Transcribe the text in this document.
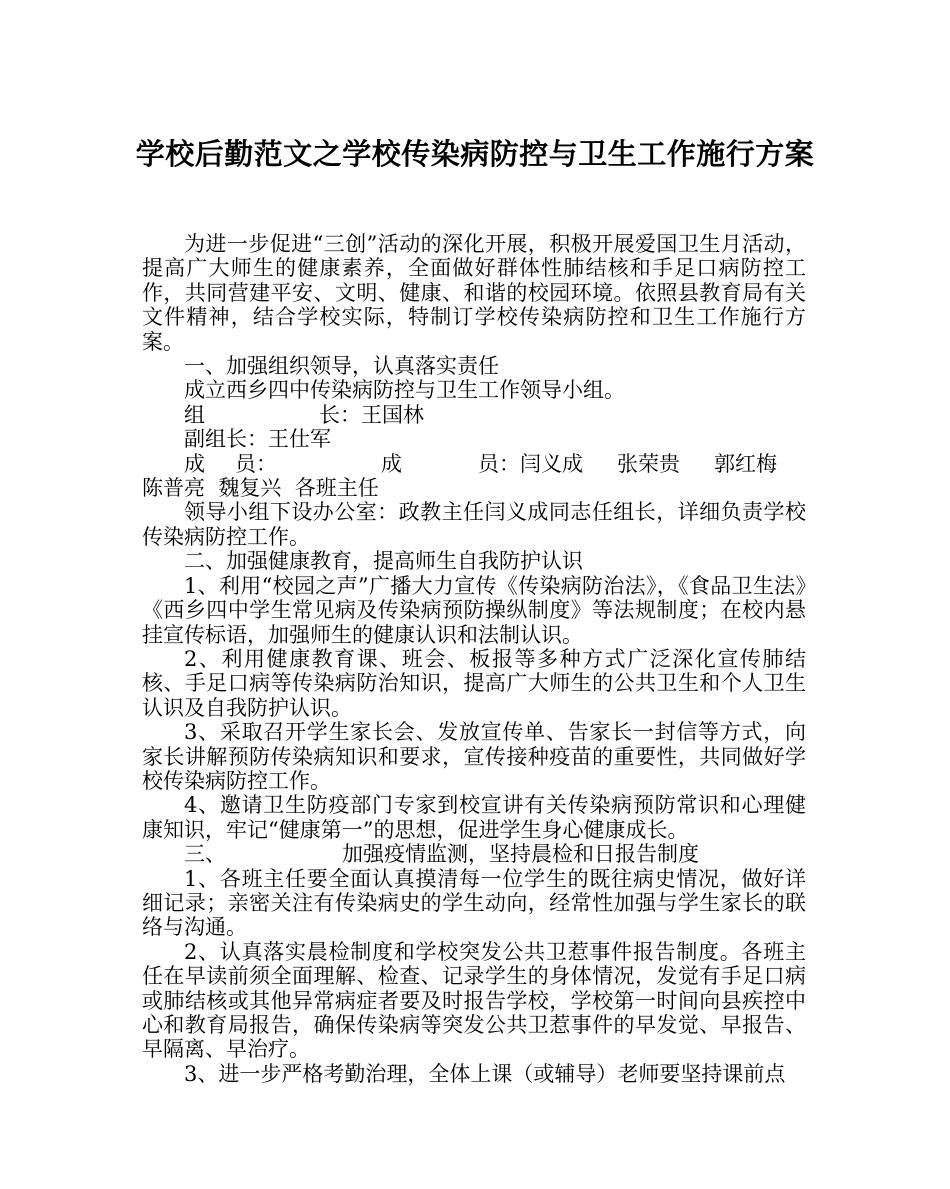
学校后勤范文之学校传染病防控与卫生工作施行方案

为进一步促进“三创”活动的深化开展，积极开展爱国卫生月活动，提高广大师生的健康素养，全面做好群体性肺结核和手足口病防控工作，共同营建平安、文明、健康、和谐的校园环境。依照县教育局有关文件精神，结合学校实际，特制订学校传染病防控和卫生工作施行方案。

一、加强组织领导，认真落实责任

成立西乡四中传染病防控与卫生工作领导小组。

组	长：王国林

副组长：王仕军

成 员：	成	员：闫义成 张荣贵 郭红梅
陈普亮  魏复兴  各班主任

领导小组下设办公室：政教主任闫义成同志任组长，详细负责学校传染病防控工作。

二、加强健康教育，提高师生自我防护认识

1、利用“校园之声”广播大力宣传《传染病防治法》，《食品卫生法》《西乡四中学生常见病及传染病预防操纵制度》等法规制度；在校内悬挂宣传标语，加强师生的健康认识和法制认识。

2、利用健康教育课、班会、板报等多种方式广泛深化宣传肺结核、手足口病等传染病防治知识，提高广大师生的公共卫生和个人卫生认识及自我防护认识。

3、采取召开学生家长会、发放宣传单、告家长一封信等方式，向家长讲解预防传染病知识和要求，宣传接种疫苗的重要性，共同做好学校传染病防控工作。

4、邀请卫生防疫部门专家到校宣讲有关传染病预防常识和心理健康知识，牢记“健康第一”的思想，促进学生身心健康成长。

三、	加强疫情监测，坚持晨检和日报告制度

1、各班主任要全面认真摸清每一位学生的既往病史情况，做好详细记录；亲密关注有传染病史的学生动向，经常性加强与学生家长的联络与沟通。

2、认真落实晨检制度和学校突发公共卫惹事件报告制度。各班主任在早读前须全面理解、检查、记录学生的身体情况，发觉有手足口病或肺结核或其他异常病症者要及时报告学校，学校第一时间向县疾控中心和教育局报告，确保传染病等突发公共卫惹事件的早发觉、早报告、早隔离、早治疗。

3、进一步严格考勤治理，全体上课（或辅导）老师要坚持课前点
